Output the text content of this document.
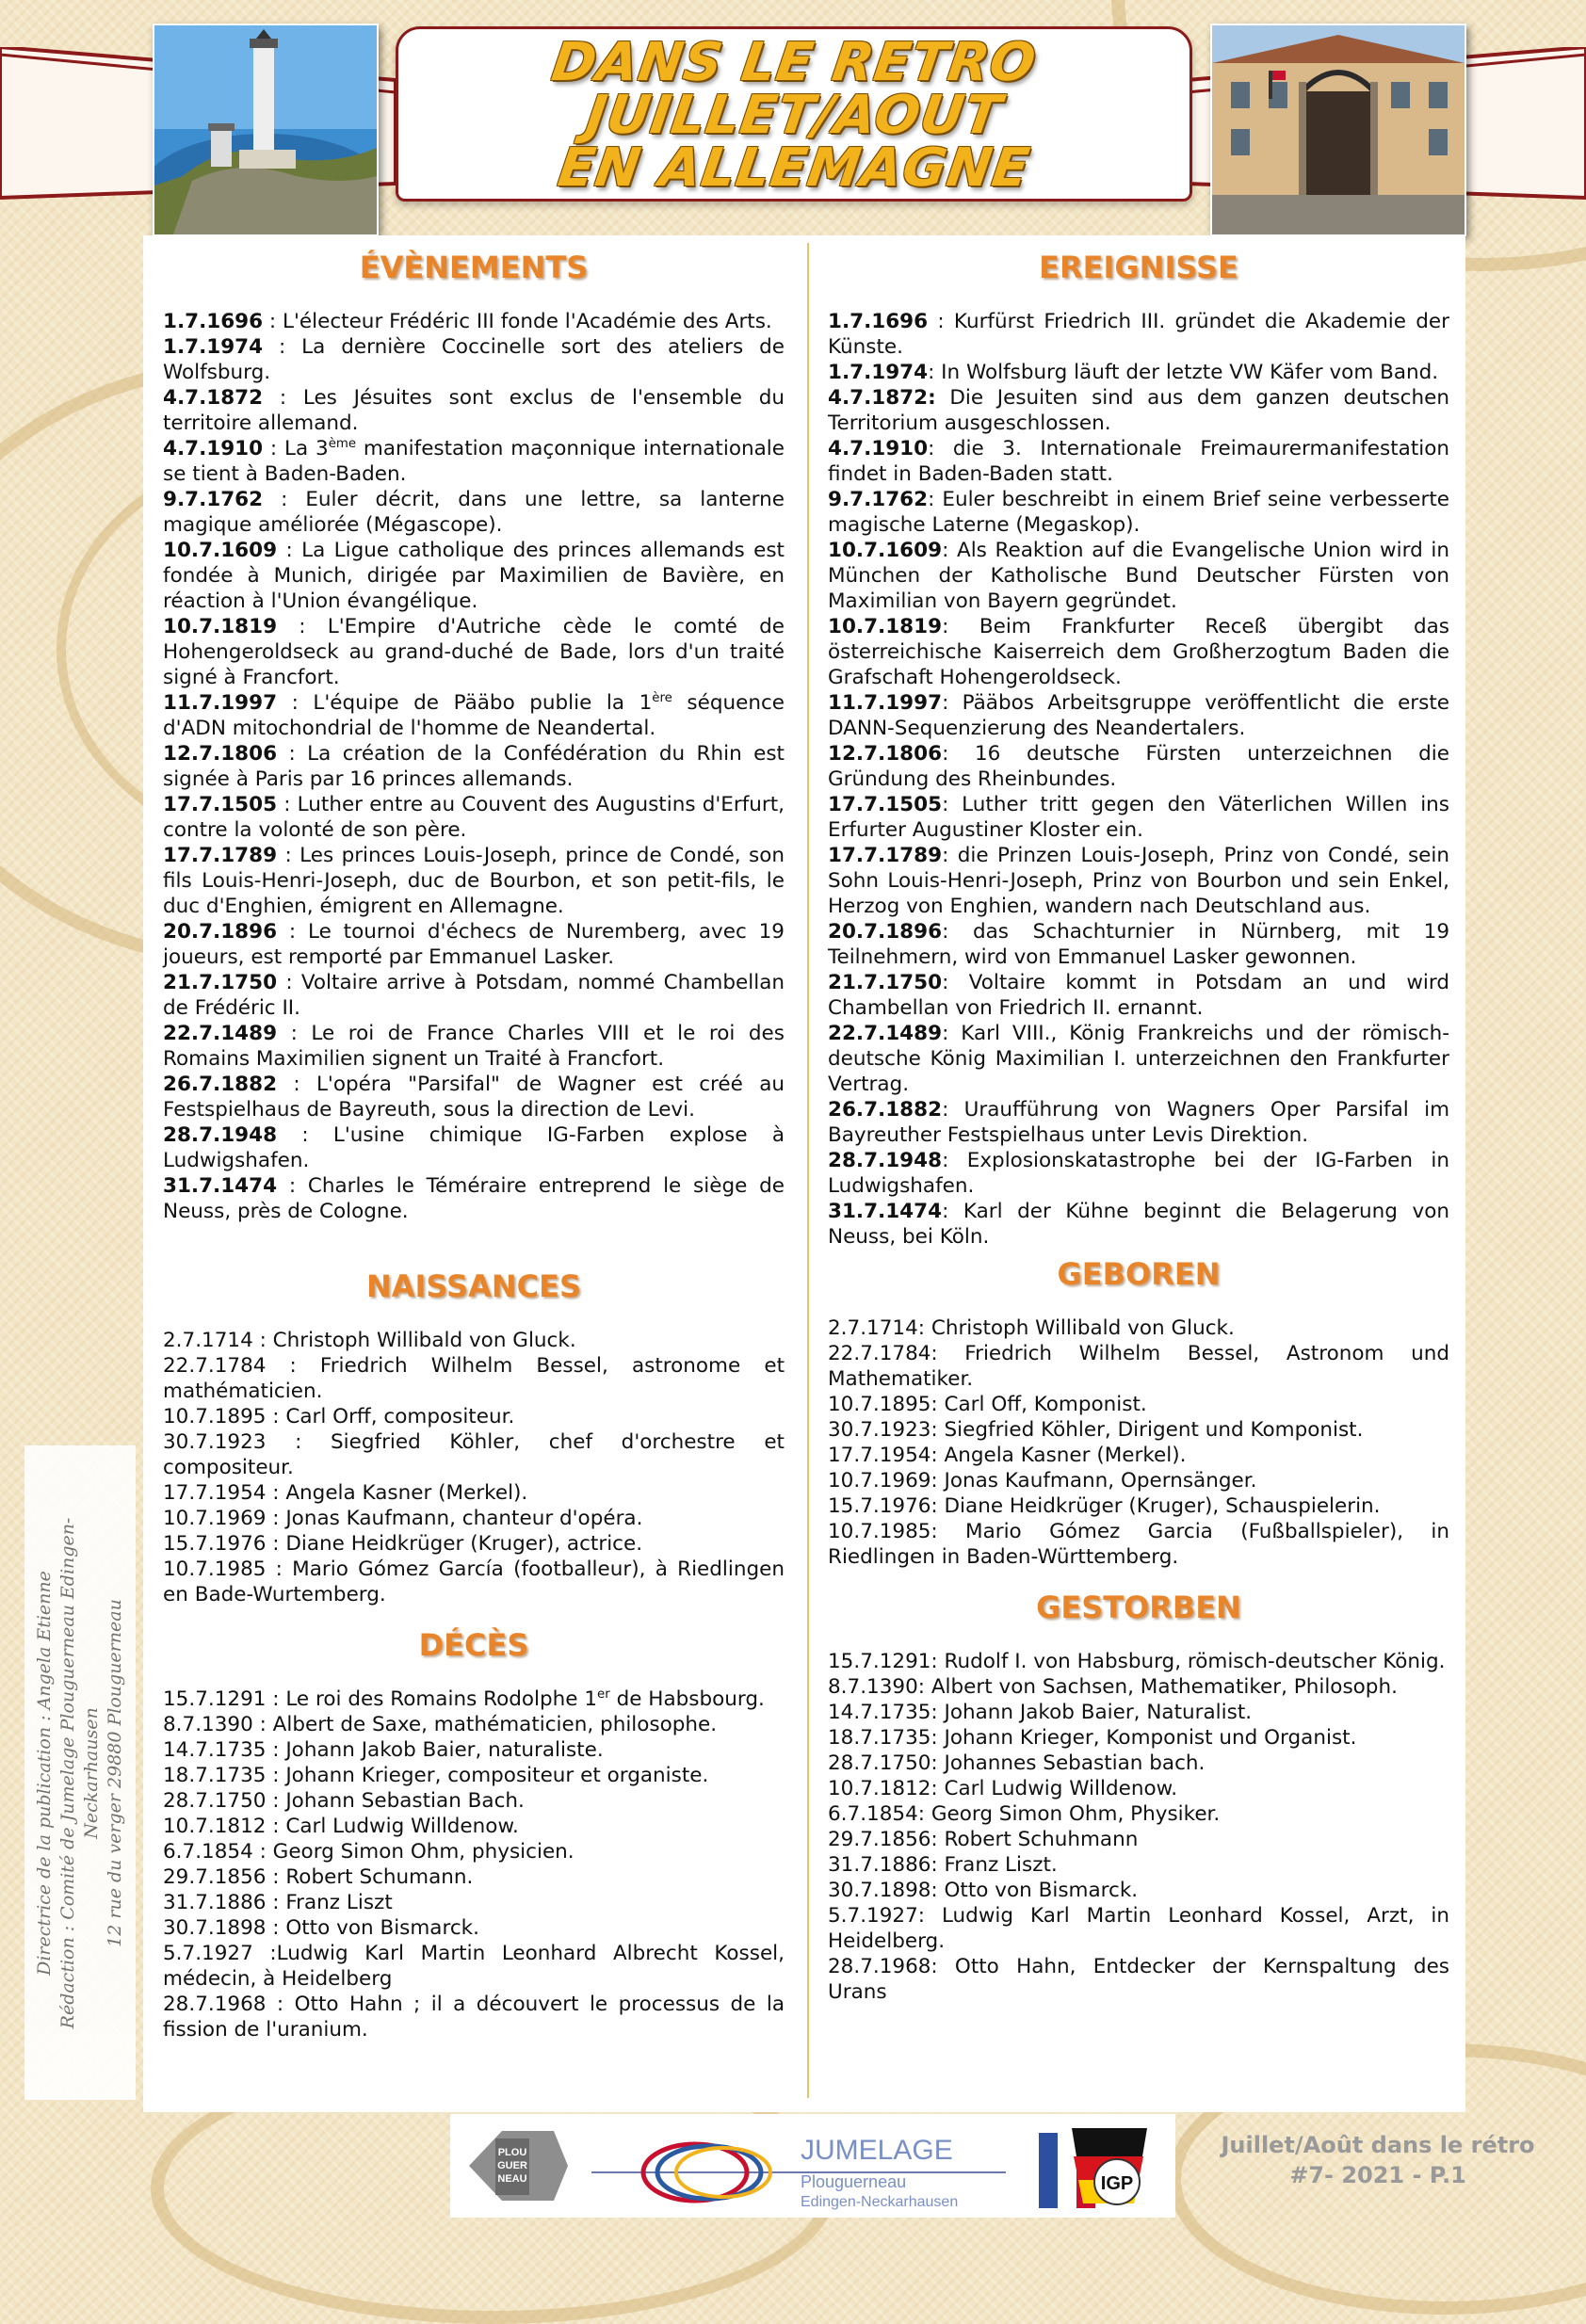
DANS LE RETRO
JUILLET/AOUT
EN ALLEMAGNE
ÉVÈNEMENTS

1.7.1696 : L'électeur Frédéric III fonde l'Académie des Arts.

1.7.1974 : La dernière Coccinelle sort des ateliers de Wolfsburg.

4.7.1872 : Les Jésuites sont exclus de l'ensemble du territoire allemand.

4.7.1910 : La 3ème manifestation maçonnique internationale se tient à Baden-Baden.

9.7.1762 : Euler décrit, dans une lettre, sa lanterne magique améliorée (Mégascope).

10.7.1609 : La Ligue catholique des princes allemands est fondée à Munich, dirigée par Maximilien de Bavière, en réaction à l'Union évangélique.

10.7.1819 : L'Empire d'Autriche cède le comté de Hohengeroldseck au grand-duché de Bade, lors d'un traité signé à Francfort.

11.7.1997 : L'équipe de Pääbo publie la 1ère séquence d'ADN mitochondrial de l'homme de Neandertal.

12.7.1806 : La création de la Confédération du Rhin est signée à Paris par 16 princes allemands.

17.7.1505 : Luther entre au Couvent des Augustins d'Erfurt, contre la volonté de son père.

17.7.1789 : Les princes Louis-Joseph, prince de Condé, son fils Louis-Henri-Joseph, duc de Bourbon, et son petit-fils, le duc d'Enghien, émigrent en Allemagne.

20.7.1896 : Le tournoi d'échecs de Nuremberg, avec 19 joueurs, est remporté par Emmanuel Lasker.

21.7.1750 : Voltaire arrive à Potsdam, nommé Chambellan de Frédéric II.

22.7.1489 : Le roi de France Charles VIII et le roi des Romains Maximilien signent un Traité à Francfort.

26.7.1882 : L'opéra "Parsifal" de Wagner est créé au Festspielhaus de Bayreuth, sous la direction de Levi.

28.7.1948 : L'usine chimique IG-Farben explose à Ludwigshafen.

31.7.1474 : Charles le Téméraire entreprend le siège de Neuss, près de Cologne.

NAISSANCES

2.7.1714 : Christoph Willibald von Gluck.

22.7.1784 : Friedrich Wilhelm Bessel, astronome et mathématicien.

10.7.1895 : Carl Orff, compositeur.

30.7.1923 : Siegfried Köhler, chef d'orchestre et compositeur.

17.7.1954 : Angela Kasner (Merkel).

10.7.1969 : Jonas Kaufmann, chanteur d'opéra.

15.7.1976 : Diane Heidkrüger (Kruger), actrice.

10.7.1985 : Mario Gómez García (footballeur), à Riedlingen en Bade-Wurtemberg.

DÉCÈS

15.7.1291 : Le roi des Romains Rodolphe 1er de Habsbourg.

8.7.1390 : Albert de Saxe, mathématicien, philosophe.

14.7.1735 : Johann Jakob Baier, naturaliste.

18.7.1735 : Johann Krieger, compositeur et organiste.

28.7.1750 : Johann Sebastian Bach.

10.7.1812 : Carl Ludwig Willdenow.

6.7.1854 : Georg Simon Ohm, physicien.

29.7.1856 : Robert Schumann.

31.7.1886 : Franz Liszt

30.7.1898 : Otto von Bismarck.

5.7.1927 :Ludwig Karl Martin Leonhard Albrecht Kossel, médecin, à Heidelberg

28.7.1968 : Otto Hahn ; il a découvert le processus de la fission de l'uranium.

EREIGNISSE

1.7.1696 : Kurfürst Friedrich III. gründet die Akademie der Künste.

1.7.1974: In Wolfsburg läuft der letzte VW Käfer vom Band.

4.7.1872: Die Jesuiten sind aus dem ganzen deutschen Territorium ausgeschlossen.

4.7.1910: die 3. Internationale Freimaurermanifestation findet in Baden-Baden statt.

9.7.1762: Euler beschreibt in einem Brief seine verbesserte magische Laterne (Megaskop).

10.7.1609: Als Reaktion auf die Evangelische Union wird in München der Katholische Bund Deutscher Fürsten von Maximilian von Bayern gegründet.

10.7.1819: Beim Frankfurter Receß übergibt das österreichische Kaiserreich dem Großherzogtum Baden die Grafschaft Hohengeroldseck.

11.7.1997: Pääbos Arbeitsgruppe veröffentlicht die erste DANN-Sequenzierung des Neandertalers.

12.7.1806: 16 deutsche Fürsten unterzeichnen die Gründung des Rheinbundes.

17.7.1505: Luther tritt gegen den Väterlichen Willen ins Erfurter Augustiner Kloster ein.

17.7.1789: die Prinzen Louis-Joseph, Prinz von Condé, sein Sohn Louis-Henri-Joseph, Prinz von Bourbon und sein Enkel, Herzog von Enghien, wandern nach Deutschland aus.

20.7.1896: das Schachturnier in Nürnberg, mit 19 Teilnehmern, wird von Emmanuel Lasker gewonnen.

21.7.1750: Voltaire kommt in Potsdam an und wird Chambellan von Friedrich II. ernannt.

22.7.1489: Karl VIII., König Frankreichs und der römisch-deutsche König Maximilian I. unterzeichnen den Frankfurter Vertrag.

26.7.1882: Uraufführung von Wagners Oper Parsifal im Bayreuther Festspielhaus unter Levis Direktion.

28.7.1948: Explosionskatastrophe bei der IG-Farben in Ludwigshafen.

31.7.1474: Karl der Kühne beginnt die Belagerung von Neuss, bei Köln.

GEBOREN

2.7.1714: Christoph Willibald von Gluck.

22.7.1784: Friedrich Wilhelm Bessel, Astronom und Mathematiker.

10.7.1895: Carl Off, Komponist.

30.7.1923: Siegfried Köhler, Dirigent und Komponist.

17.7.1954: Angela Kasner (Merkel).

10.7.1969: Jonas Kaufmann, Opernsänger.

15.7.1976: Diane Heidkrüger (Kruger), Schauspielerin.

10.7.1985: Mario Gómez Garcia (Fußballspieler), in Riedlingen in Baden-Württemberg.

GESTORBEN

15.7.1291: Rudolf I. von Habsburg, römisch-deutscher König.

8.7.1390: Albert von Sachsen, Mathematiker, Philosoph.

14.7.1735: Johann Jakob Baier, Naturalist.

18.7.1735: Johann Krieger, Komponist und Organist.

28.7.1750: Johannes Sebastian bach.

10.7.1812: Carl Ludwig Willdenow.

6.7.1854: Georg Simon Ohm, Physiker.

29.7.1856: Robert Schuhmann

31.7.1886: Franz Liszt.

30.7.1898: Otto von Bismarck.

5.7.1927: Ludwig Karl Martin Leonhard Kossel, Arzt, in Heidelberg.

28.7.1968: Otto Hahn, Entdecker der Kernspaltung des Urans

Directrice de la publication : Angela Etienne Rédaction : Comité de Jumelage Plouguerneau Edingen-Neckarhausen 12 rue du verger 29880 Plouguerneau
PLOU
GUER
NEAU
JUMELAGE
Plouguerneau
Edingen-Neckarhausen
IGP
Juillet/Août dans le rétro
#7- 2021 - P.1
